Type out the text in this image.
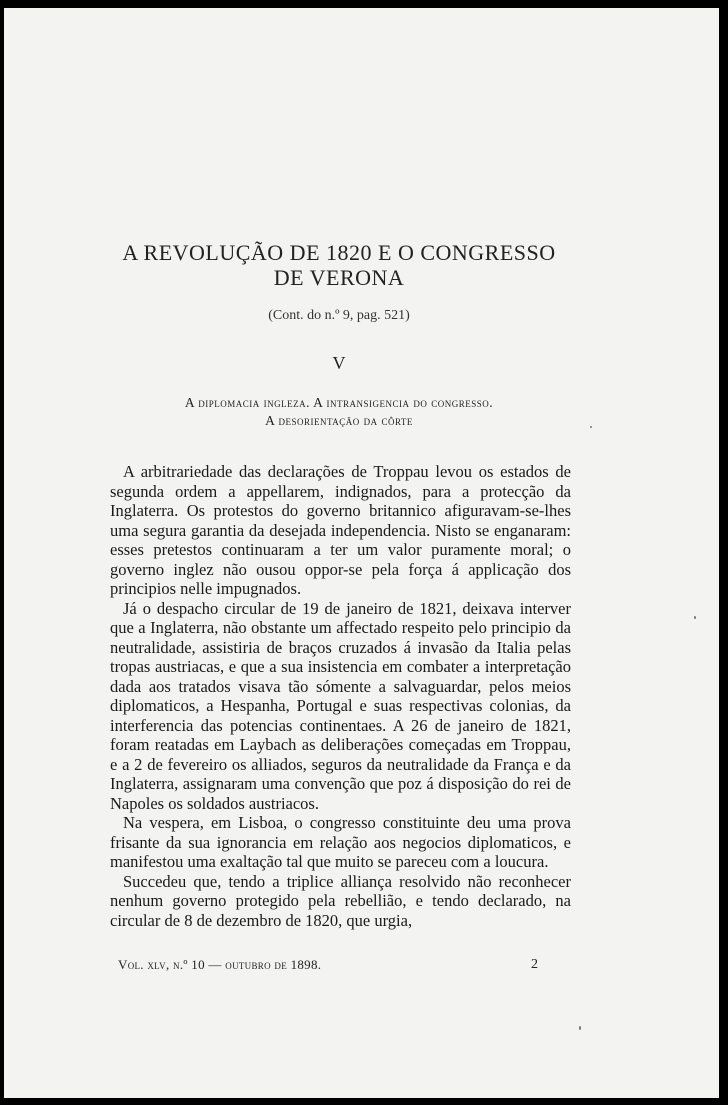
A REVOLUÇÃO DE 1820 E O CONGRESSO
DE VERONA
(Cont. do n.º 9, pag. 521)
V
A diplomacia ingleza. A intransigencia do congresso.
A desorientação da côrte

A arbitrariedade das declarações de Troppau levou os estados de segunda ordem a appellarem, indignados, para a protecção da Inglaterra. Os protestos do governo britannico afiguravam-se-lhes uma segura garantia da desejada independencia. Nisto se enganaram: esses pretestos continuaram a ter um valor puramente moral; o governo inglez não ousou oppor-se pela força á applicação dos principios nelle impugnados.

Já o despacho circular de 19 de janeiro de 1821, deixava interver que a Inglaterra, não obstante um affectado respeito pelo principio da neutralidade, assistiria de braços cruzados á invasão da Italia pelas tropas austriacas, e que a sua insistencia em combater a interpretação dada aos tratados visava tão sómente a salvaguardar, pelos meios diplomaticos, a Hespanha, Portugal e suas respectivas colonias, da interferencia das potencias continentaes. A 26 de janeiro de 1821, foram reatadas em Laybach as deliberações começadas em Troppau, e a 2 de fevereiro os alliados, seguros da neutralidade da França e da Inglaterra, assignaram uma convenção que poz á disposição do rei de Napoles os soldados austriacos.

Na vespera, em Lisboa, o congresso constituinte deu uma prova frisante da sua ignorancia em relação aos negocios diplomaticos, e manifestou uma exaltação tal que muito se pareceu com a loucura.

Succedeu que, tendo a triplice alliança resolvido não reconhecer nenhum governo protegido pela rebellião, e tendo declarado, na circular de 8 de dezembro de 1820, que urgia,

Vol. xlv, n.º 10 — outubro de 1898.	2
